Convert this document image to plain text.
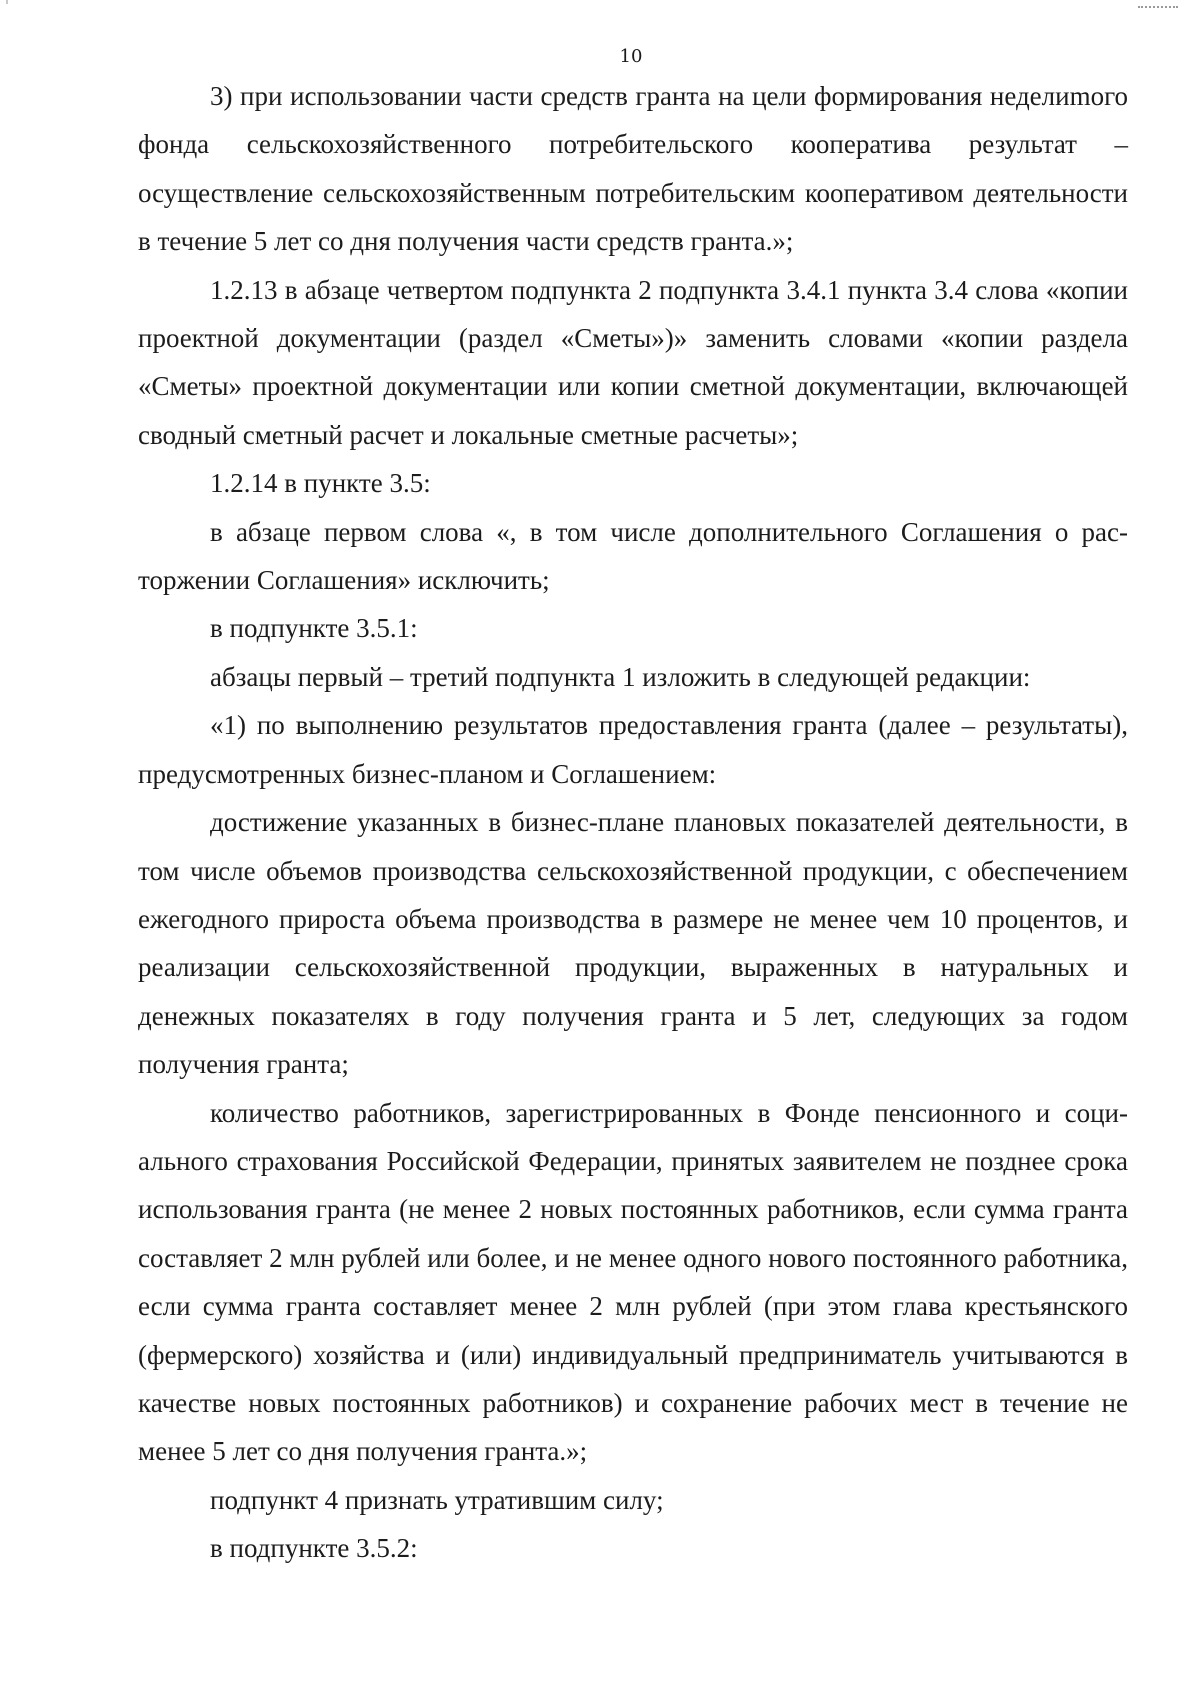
10

3) при использовании части средств гранта на цели формирования неделиmого фонда сельскохозяйственного потребительского кооператива результат – осуществление сельскохозяйственным потребительским кооперативом деятельности в течение 5 лет со дня получения части средств гранта.»;

1.2.13 в абзаце четвертом подпункта 2 подпункта 3.4.1 пункта 3.4 слова «копии проектной документации (раздел «Сметы»)» заменить словами «копии раздела «Сметы» проектной документации или копии сметной документации, включающей сводный сметный расчет и локальные сметные расчеты»;

1.2.14 в пункте 3.5:

в абзаце первом слова «, в том числе дополнительного Соглашения о расторжении Соглашения» исключить;

в подпункте 3.5.1:

абзацы первый – третий подпункта 1 изложить в следующей редакции:

«1) по выполнению результатов предоставления гранта (далее – результаты), предусмотренных бизнес-планом и Соглашением:

достижение указанных в бизнес-плане плановых показателей деятельности, в том числе объемов производства сельскохозяйственной продукции, с обеспечением ежегодного прироста объема производства в размере не менее чем 10 процентов, и реализации сельскохозяйственной продукции, выраженных в натуральных и денежных показателях в году получения гранта и 5 лет, следующих за годом получения гранта;

количество работников, зарегистрированных в Фонде пенсионного и социального страхования Российской Федерации, принятых заявителем не позднее срока использования гранта (не менее 2 новых постоянных работников, если сумма гранта составляет 2 млн рублей или более, и не менее одного нового постоянного работника, если сумма гранта составляет менее 2 млн рублей (при этом глава крестьянского (фермерского) хозяйства и (или) индивидуальный предприниматель учитываются в качестве новых постоянных работников) и сохранение рабочих мест в течение не менее 5 лет со дня получения гранта.»;

подпункт 4 признать утратившим силу;

в подпункте 3.5.2:
